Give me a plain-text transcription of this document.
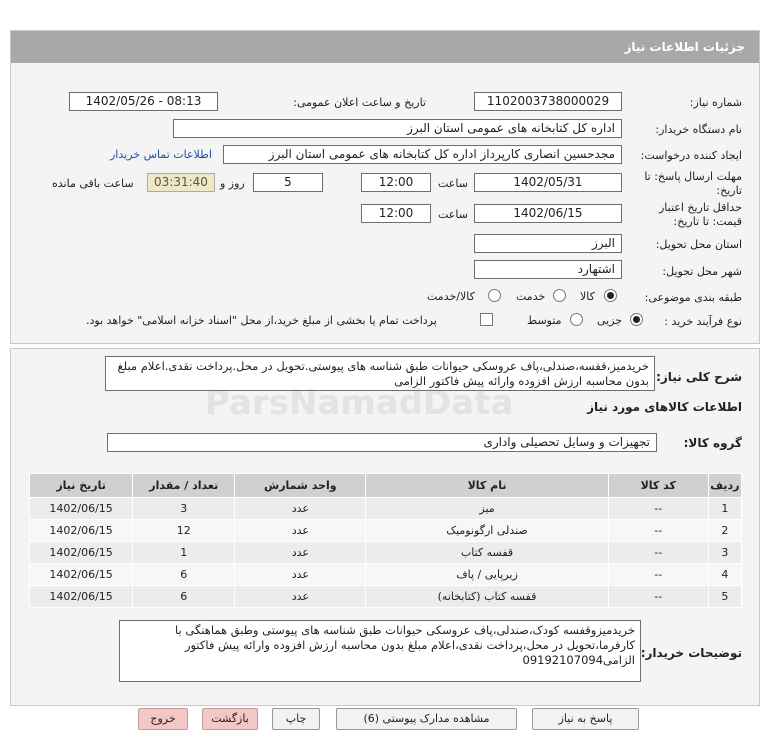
جزئیات اطلاعات نیاز
شماره نیاز:
1102003738000029
تاریخ و ساعت اعلان عمومی:
1402/05/26 - 08:13
نام دستگاه خریدار:
اداره کل کتابخانه های عمومی استان البرز
ایجاد کننده درخواست:
مجدحسین انصاری کارپرداز اداره کل کتابخانه های عمومی استان البرز
اطلاعات تماس خریدار
مهلت ارسال پاسخ: تا
تاریخ:
1402/05/31
ساعت
12:00
5
روز و
03:31:40
ساعت باقی مانده
حداقل تاریخ اعتبار
قیمت: تا تاریخ:
1402/06/15
ساعت
12:00
استان محل تحویل:
البرز
شهر محل تحویل:
اشتهارد
طبقه بندی موضوعی:
کالا
خدمت
کالا/خدمت
نوع فرآیند خرید :
جزیی
متوسط
پرداخت تمام یا بخشی از مبلغ خرید،از محل "اسناد خزانه اسلامی" خواهد بود.
شرح کلی نیاز:
خریدمیز،قفسه،صندلی،پاف عروسکی حیوانات طبق شناسه های پیوستی.تحویل در محل.پرداخت نقدی.اعلام مبلغ بدون محاسبه ارزش افزوده وارائه پیش فاکتور الزامی
اطلاعات کالاهای مورد نیاز
گروه کالا:
تجهیزات و وسایل تحصیلی واداری
ردیف	کد کالا	نام کالا	واحد شمارش	تعداد / مقدار	تاریخ نیاز
1	--	میز	عدد	3	1402/06/15
2	--	صندلی ارگونومیک	عدد	12	1402/06/15
3	--	قفسه کتاب	عدد	1	1402/06/15
4	--	زیرپایی / پاف	عدد	6	1402/06/15
5	--	قفسه کتاب (کتابخانه)	عدد	6	1402/06/15
توضیحات خریدار:
خریدمیزوقفسه کودک،صندلی،پاف عروسکی حیوانات طبق شناسه های پیوستی وطبق هماهنگی با کارفرما،تحویل در محل،پرداخت نقدی،اعلام مبلغ بدون محاسبه ارزش افزوده وارائه پیش فاکتور الزامی09192107094
پاسخ به نیاز
مشاهده مدارک پیوستی (6)
چاپ
بازگشت
خروج
